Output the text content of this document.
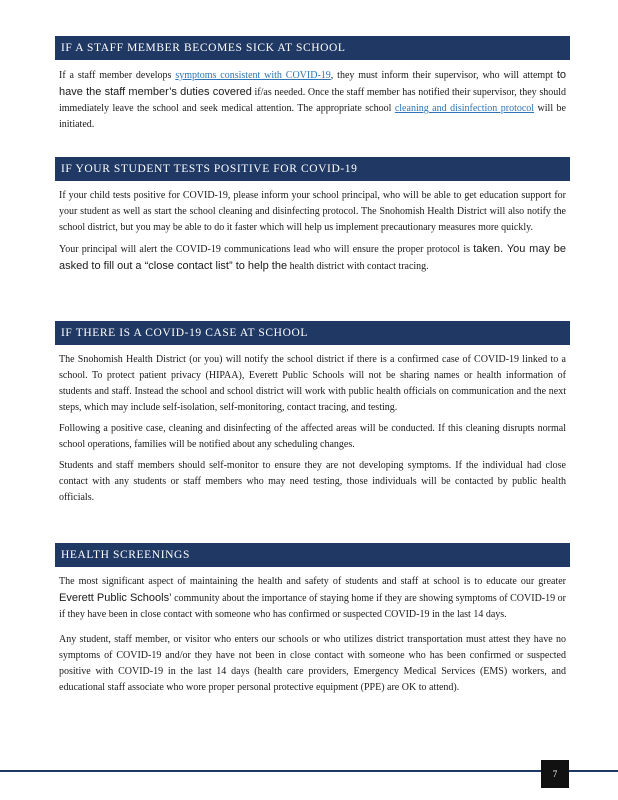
IF A STAFF MEMBER BECOMES SICK AT SCHOOL

If a staff member develops symptoms consistent with COVID-19, they must inform their supervisor, who will attempt to have the staff member’s duties covered if/as needed. Once the staff member has notified their supervisor, they should immediately leave the school and seek medical attention. The appropriate school cleaning and disinfection protocol will be initiated.

IF YOUR STUDENT TESTS POSITIVE FOR COVID-19

If your child tests positive for COVID-19, please inform your school principal, who will be able to get education support for your student as well as start the school cleaning and disinfecting protocol. The Snohomish Health District will also notify the school district, but you may be able to do it faster which will help us implement precautionary measures more quickly.

Your principal will alert the COVID-19 communications lead who will ensure the proper protocol is taken. You may be asked to fill out a “close contact list” to help the health district with contact tracing.

IF THERE IS A COVID-19 CASE AT SCHOOL

The Snohomish Health District (or you) will notify the school district if there is a confirmed case of COVID-19 linked to a school. To protect patient privacy (HIPAA), Everett Public Schools will not be sharing names or health information of students and staff. Instead the school and school district will work with public health officials on communication and the next steps, which may include self-isolation, self-monitoring, contact tracing, and testing.

Following a positive case, cleaning and disinfecting of the affected areas will be conducted. If this cleaning disrupts normal school operations, families will be notified about any scheduling changes.

Students and staff members should self-monitor to ensure they are not developing symptoms. If the individual had close contact with any students or staff members who may need testing, those individuals will be contacted by public health officials.

HEALTH SCREENINGS

The most significant aspect of maintaining the health and safety of students and staff at school is to educate our greater Everett Public Schools’ community about the importance of staying home if they are showing symptoms of COVID-19 or if they have been in close contact with someone who has confirmed or suspected COVID-19 in the last 14 days.

Any student, staff member, or visitor who enters our schools or who utilizes district transportation must attest they have no symptoms of COVID-19 and/or they have not been in close contact with someone who has been confirmed or suspected positive with COVID-19 in the last 14 days (health care providers, Emergency Medical Services (EMS) workers, and educational staff associate who wore proper personal protective equipment (PPE) are OK to attend).

7
